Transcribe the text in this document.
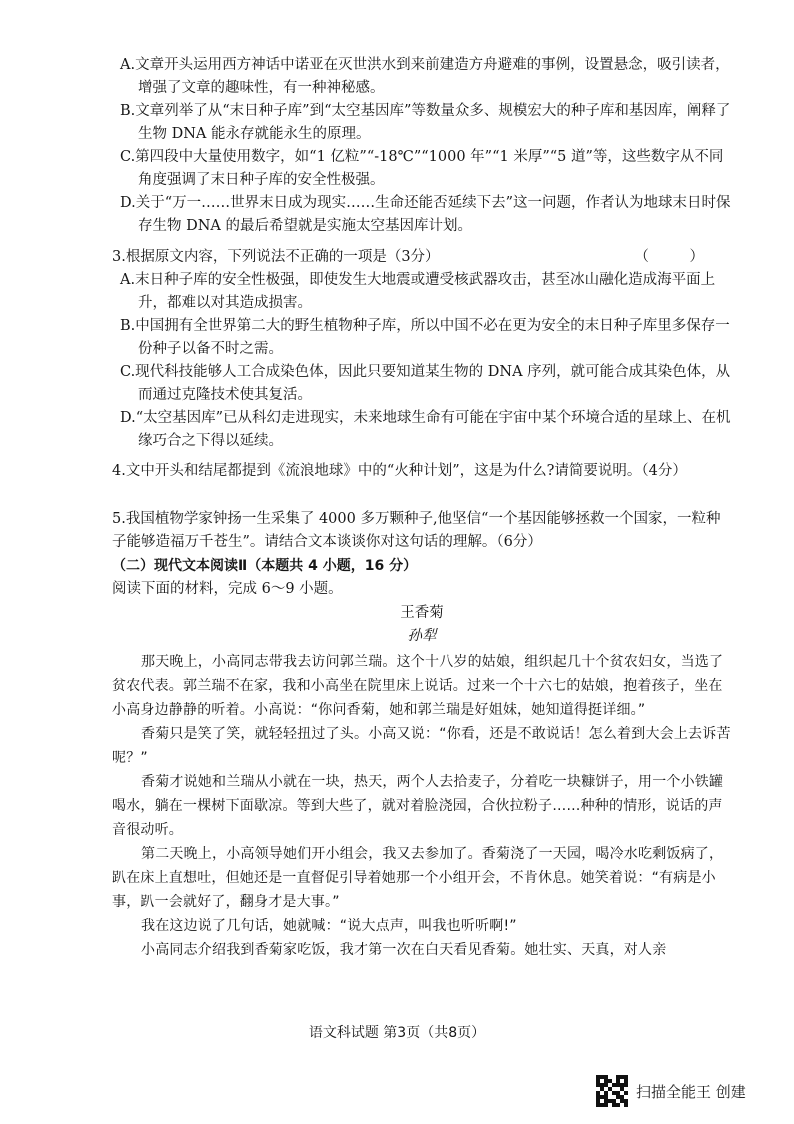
A.文章开头运用西方神话中诺亚在灭世洪水到来前建造方舟避难的事例，设置悬念，吸引读者，增强了文章的趣味性，有一种神秘感。

B.文章列举了从“末日种子库”到“太空基因库”等数量众多、规模宏大的种子库和基因库，阐释了生物 DNA 能永存就能永生的原理。

C.第四段中大量使用数字，如“1 亿粒”“-18℃”“1000 年”“1 米厚”“5 道”等，这些数字从不同角度强调了末日种子库的安全性极强。

D.关于“万一……世界末日成为现实……生命还能否延续下去”这一问题，作者认为地球末日时保存生物 DNA 的最后希望就是实施太空基因库计划。

（ ）
3.根据原文内容，下列说法不正确的一项是（3分）

A.末日种子库的安全性极强，即使发生大地震或遭受核武器攻击，甚至冰山融化造成海平面上升，都难以对其造成损害。

B.中国拥有全世界第二大的野生植物种子库，所以中国不必在更为安全的末日种子库里多保存一份种子以备不时之需。

C.现代科技能够人工合成染色体，因此只要知道某生物的 DNA 序列，就可能合成其染色体，从而通过克隆技术使其复活。

D.“太空基因库”已从科幻走进现实，未来地球生命有可能在宇宙中某个环境合适的星球上、在机缘巧合之下得以延续。

4.文中开头和结尾都提到《流浪地球》中的“火种计划”，这是为什么?请简要说明。（4分）

5.我国植物学家钟扬一生采集了 4000 多万颗种子,他坚信“一个基因能够拯救一个国家，一粒种子能够造福万千苍生”。请结合文本谈谈你对这句话的理解。（6分）

（二）现代文本阅读Ⅱ（本题共 4 小题，16 分）

阅读下面的材料，完成 6～9 小题。

王香菊

孙犁

那天晚上，小高同志带我去访问郭兰瑞。这个十八岁的姑娘，组织起几十个贫农妇女，当选了贫农代表。郭兰瑞不在家，我和小高坐在院里床上说话。过来一个十六七的姑娘，抱着孩子，坐在小高身边静静的听着。小高说：“你问香菊，她和郭兰瑞是好姐妹，她知道得挺详细。”

香菊只是笑了笑，就轻轻扭过了头。小高又说：“你看，还是不敢说话！怎么着到大会上去诉苦呢？”

香菊才说她和兰瑞从小就在一块，热天，两个人去拾麦子，分着吃一块糠饼子，用一个小铁罐喝水，躺在一棵树下面歇凉。等到大些了，就对着脸浇园，合伙拉粉子……种种的情形，说话的声音很动听。

第二天晚上，小高领导她们开小组会，我又去参加了。香菊浇了一天园，喝冷水吃剩饭病了，趴在床上直想吐，但她还是一直督促引导着她那一个小组开会，不肯休息。她笑着说：“有病是小事，趴一会就好了，翻身才是大事。”

我在这边说了几句话，她就喊：“说大点声，叫我也听听啊!”

小高同志介绍我到香菊家吃饭，我才第一次在白天看见香菊。她壮实、天真，对人亲

语文科试题 第3页（共8页）
扫描全能王 创建
